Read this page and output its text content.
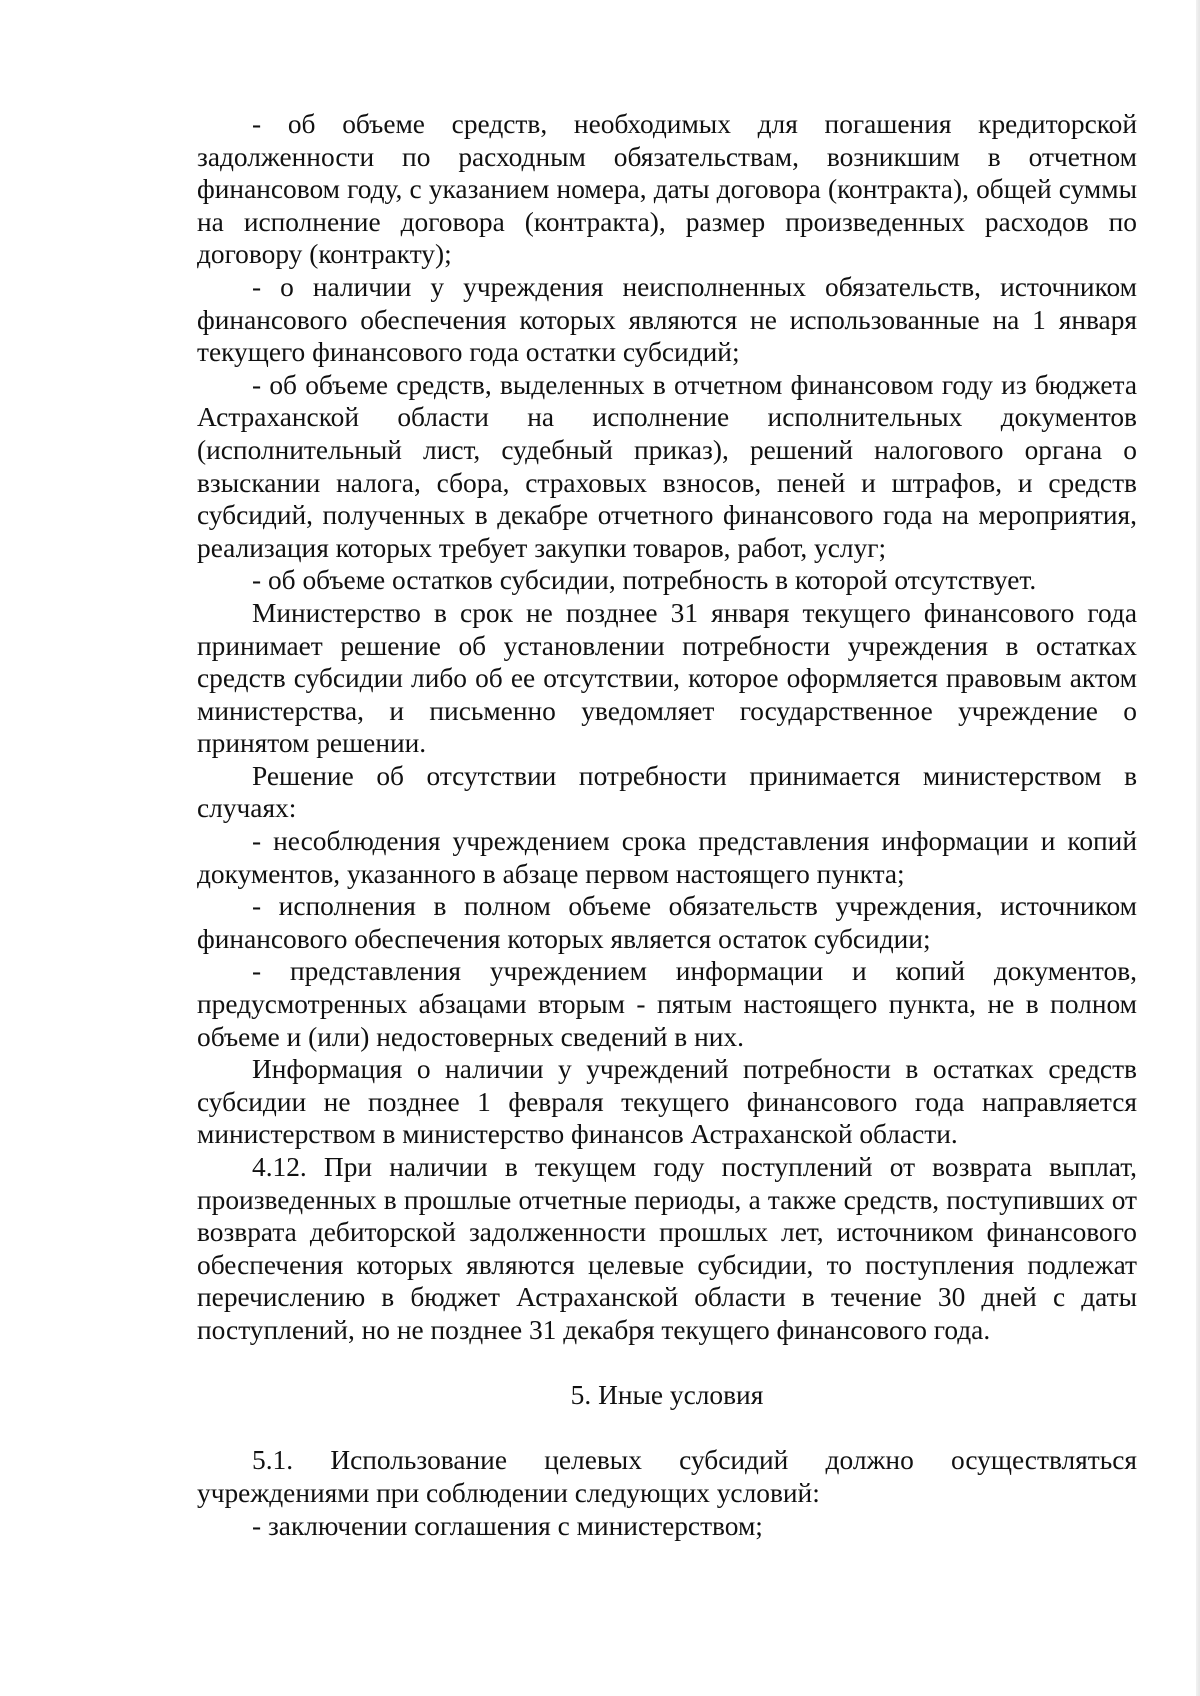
- об объеме средств, необходимых для погашения кредиторской задолженности по расходным обязательствам, возникшим в отчетном финансовом году, с указанием номера, даты договора (контракта), общей суммы на исполнение договора (контракта), размер произведенных расходов по договору (контракту);

- о наличии у учреждения неисполненных обязательств, источником финансового обеспечения которых являются не использованные на 1 января текущего финансового года остатки субсидий;

- об объеме средств, выделенных в отчетном финансовом году из бюджета Астраханской области на исполнение исполнительных документов (исполнительный лист, судебный приказ), решений налогового органа о взыскании налога, сбора, страховых взносов, пеней и штрафов, и средств субсидий, полученных в декабре отчетного финансового года на мероприятия, реализация которых требует закупки товаров, работ, услуг;

- об объеме остатков субсидии, потребность в которой отсутствует.

Министерство в срок не позднее 31 января текущего финансового года принимает решение об установлении потребности учреждения в остатках средств субсидии либо об ее отсутствии, которое оформляется правовым актом министерства, и письменно уведомляет государственное учреждение о принятом решении.

Решение об отсутствии потребности принимается министерством в случаях:

- несоблюдения учреждением срока представления информации и копий документов, указанного в абзаце первом настоящего пункта;

- исполнения в полном объеме обязательств учреждения, источником финансового обеспечения которых является остаток субсидии;

- представления учреждением информации и копий документов, предусмотренных абзацами вторым - пятым настоящего пункта, не в полном объеме и (или) недостоверных сведений в них.

Информация о наличии у учреждений потребности в остатках средств субсидии не позднее 1 февраля текущего финансового года направляется министерством в министерство финансов Астраханской области.

4.12. При наличии в текущем году поступлений от возврата выплат, произведенных в прошлые отчетные периоды, а также средств, поступивших от возврата дебиторской задолженности прошлых лет, источником финансового обеспечения которых являются целевые субсидии, то поступления подлежат перечислению в бюджет Астраханской области в течение 30 дней с даты поступлений, но не позднее 31 декабря текущего финансового года.

5. Иные условия

5.1. Использование целевых субсидий должно осуществляться учреждениями при соблюдении следующих условий:

- заключении соглашения с министерством;
